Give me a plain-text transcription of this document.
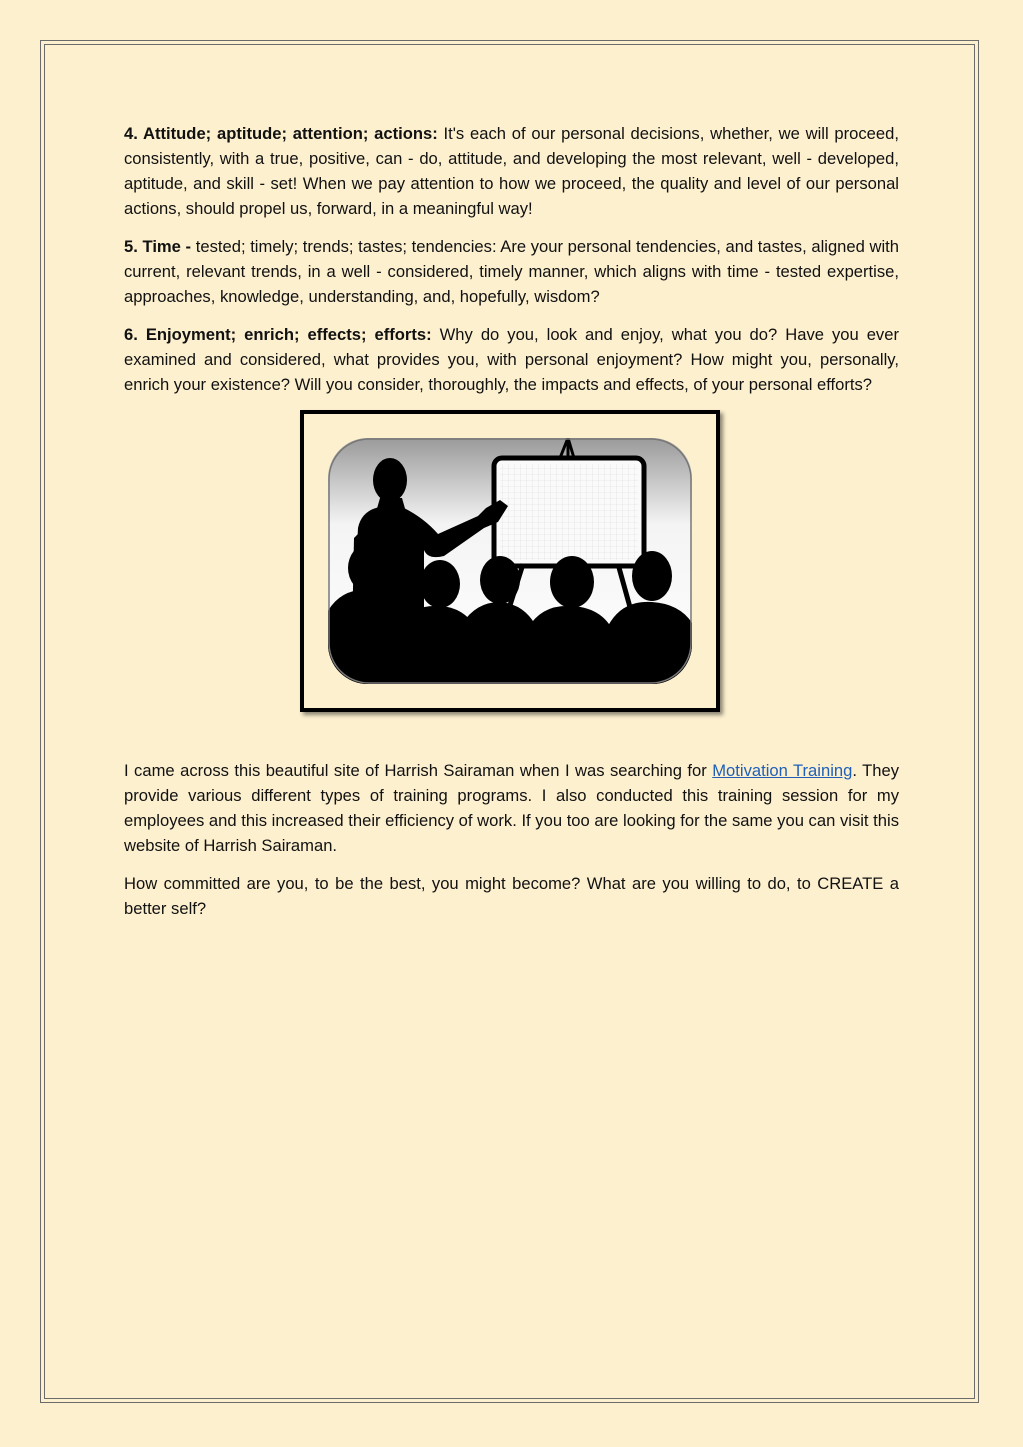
4. Attitude; aptitude; attention; actions: It's each of our personal decisions, whether, we will proceed, consistently, with a true, positive, can - do, attitude, and developing the most relevant, well - developed, aptitude, and skill - set! When we pay attention to how we proceed, the quality and level of our personal actions, should propel us, forward, in a meaningful way!

5. Time - tested; timely; trends; tastes; tendencies: Are your personal tendencies, and tastes, aligned with current, relevant trends, in a well - considered, timely manner, which aligns with time - tested expertise, approaches, knowledge, understanding, and, hopefully, wisdom?

6. Enjoyment; enrich; effects; efforts: Why do you, look and enjoy, what you do? Have you ever examined and considered, what provides you, with personal enjoyment? How might you, personally, enrich your existence? Will you consider, thoroughly, the impacts and effects, of your personal efforts?

I came across this beautiful site of Harrish Sairaman when I was searching for Motivation Training. They provide various different types of training programs. I also conducted this training session for my employees and this increased their efficiency of work. If you too are looking for the same you can visit this website of Harrish Sairaman.

How committed are you, to be the best, you might become? What are you willing to do, to CREATE a better self?
